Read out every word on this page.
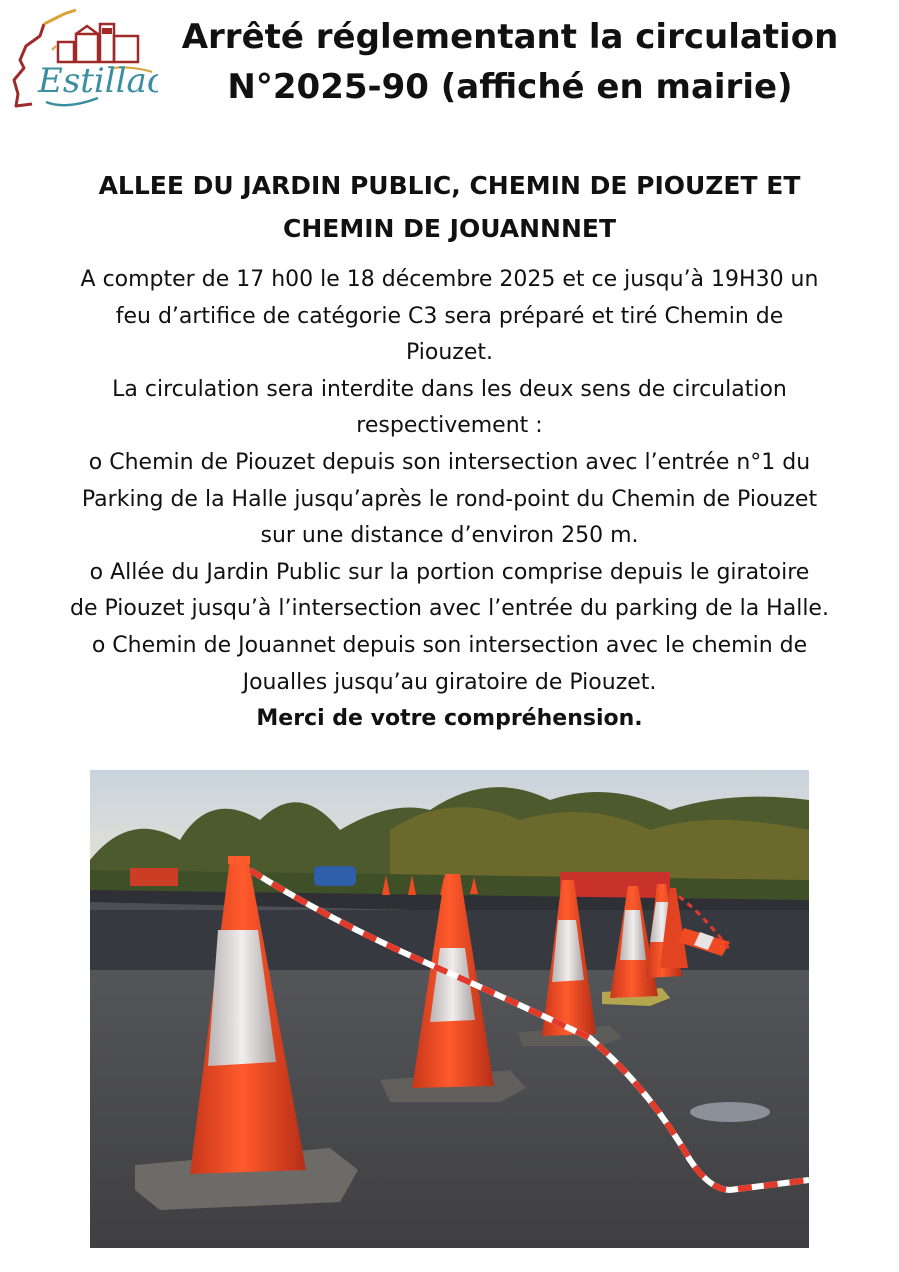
Estillac
Arrêté réglementant la circulation
N°2025-90 (affiché en mairie)
ALLEE DU JARDIN PUBLIC, CHEMIN DE PIOUZET ET
CHEMIN DE JOUANNNET
A compter de 17 h00 le 18 décembre 2025 et ce jusqu’à 19H30 un
feu d’artifice de catégorie C3 sera préparé et tiré Chemin de
Piouzet.
La circulation sera interdite dans les deux sens de circulation
respectivement :
o Chemin de Piouzet depuis son intersection avec l’entrée n°1 du
Parking de la Halle jusqu’après le rond-point du Chemin de Piouzet
sur une distance d’environ 250 m.
o Allée du Jardin Public sur la portion comprise depuis le giratoire
de Piouzet jusqu’à l’intersection avec l’entrée du parking de la Halle.
o Chemin de Jouannet depuis son intersection avec le chemin de
Joualles jusqu’au giratoire de Piouzet.
Merci de votre compréhension.
